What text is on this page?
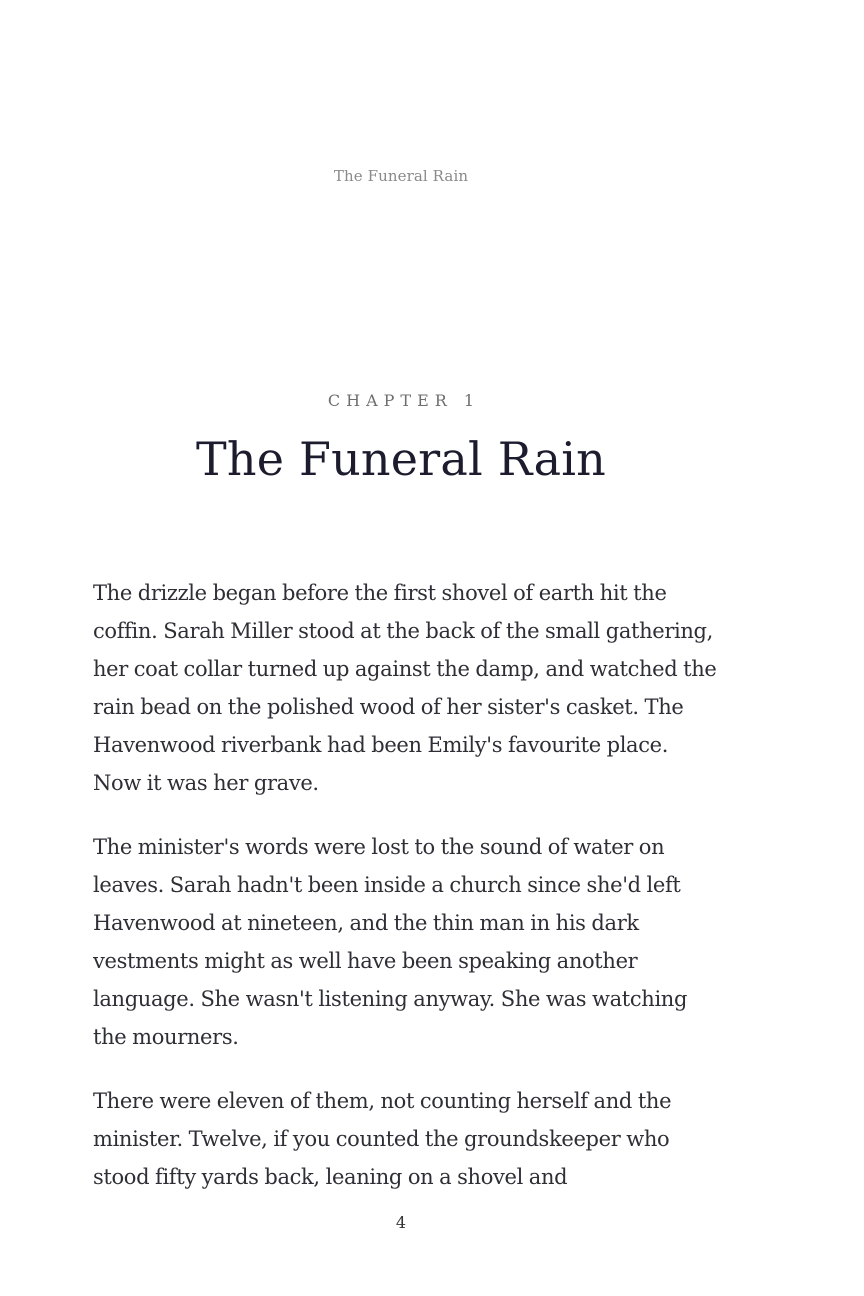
The Funeral Rain
CHAPTER 1
The Funeral Rain

The drizzle began before the first shovel of earth hit the coffin. Sarah Miller stood at the back of the small gathering, her coat collar turned up against the damp, and watched the rain bead on the polished wood of her sister's casket. The Havenwood riverbank had been Emily's favourite place. Now it was her grave.

The minister's words were lost to the sound of water on leaves. Sarah hadn't been inside a church since she'd left Havenwood at nineteen, and the thin man in his dark vestments might as well have been speaking another language. She wasn't listening anyway. She was watching the mourners.

There were eleven of them, not counting herself and the minister. Twelve, if you counted the groundskeeper who stood fifty yards back, leaning on a shovel and

4
